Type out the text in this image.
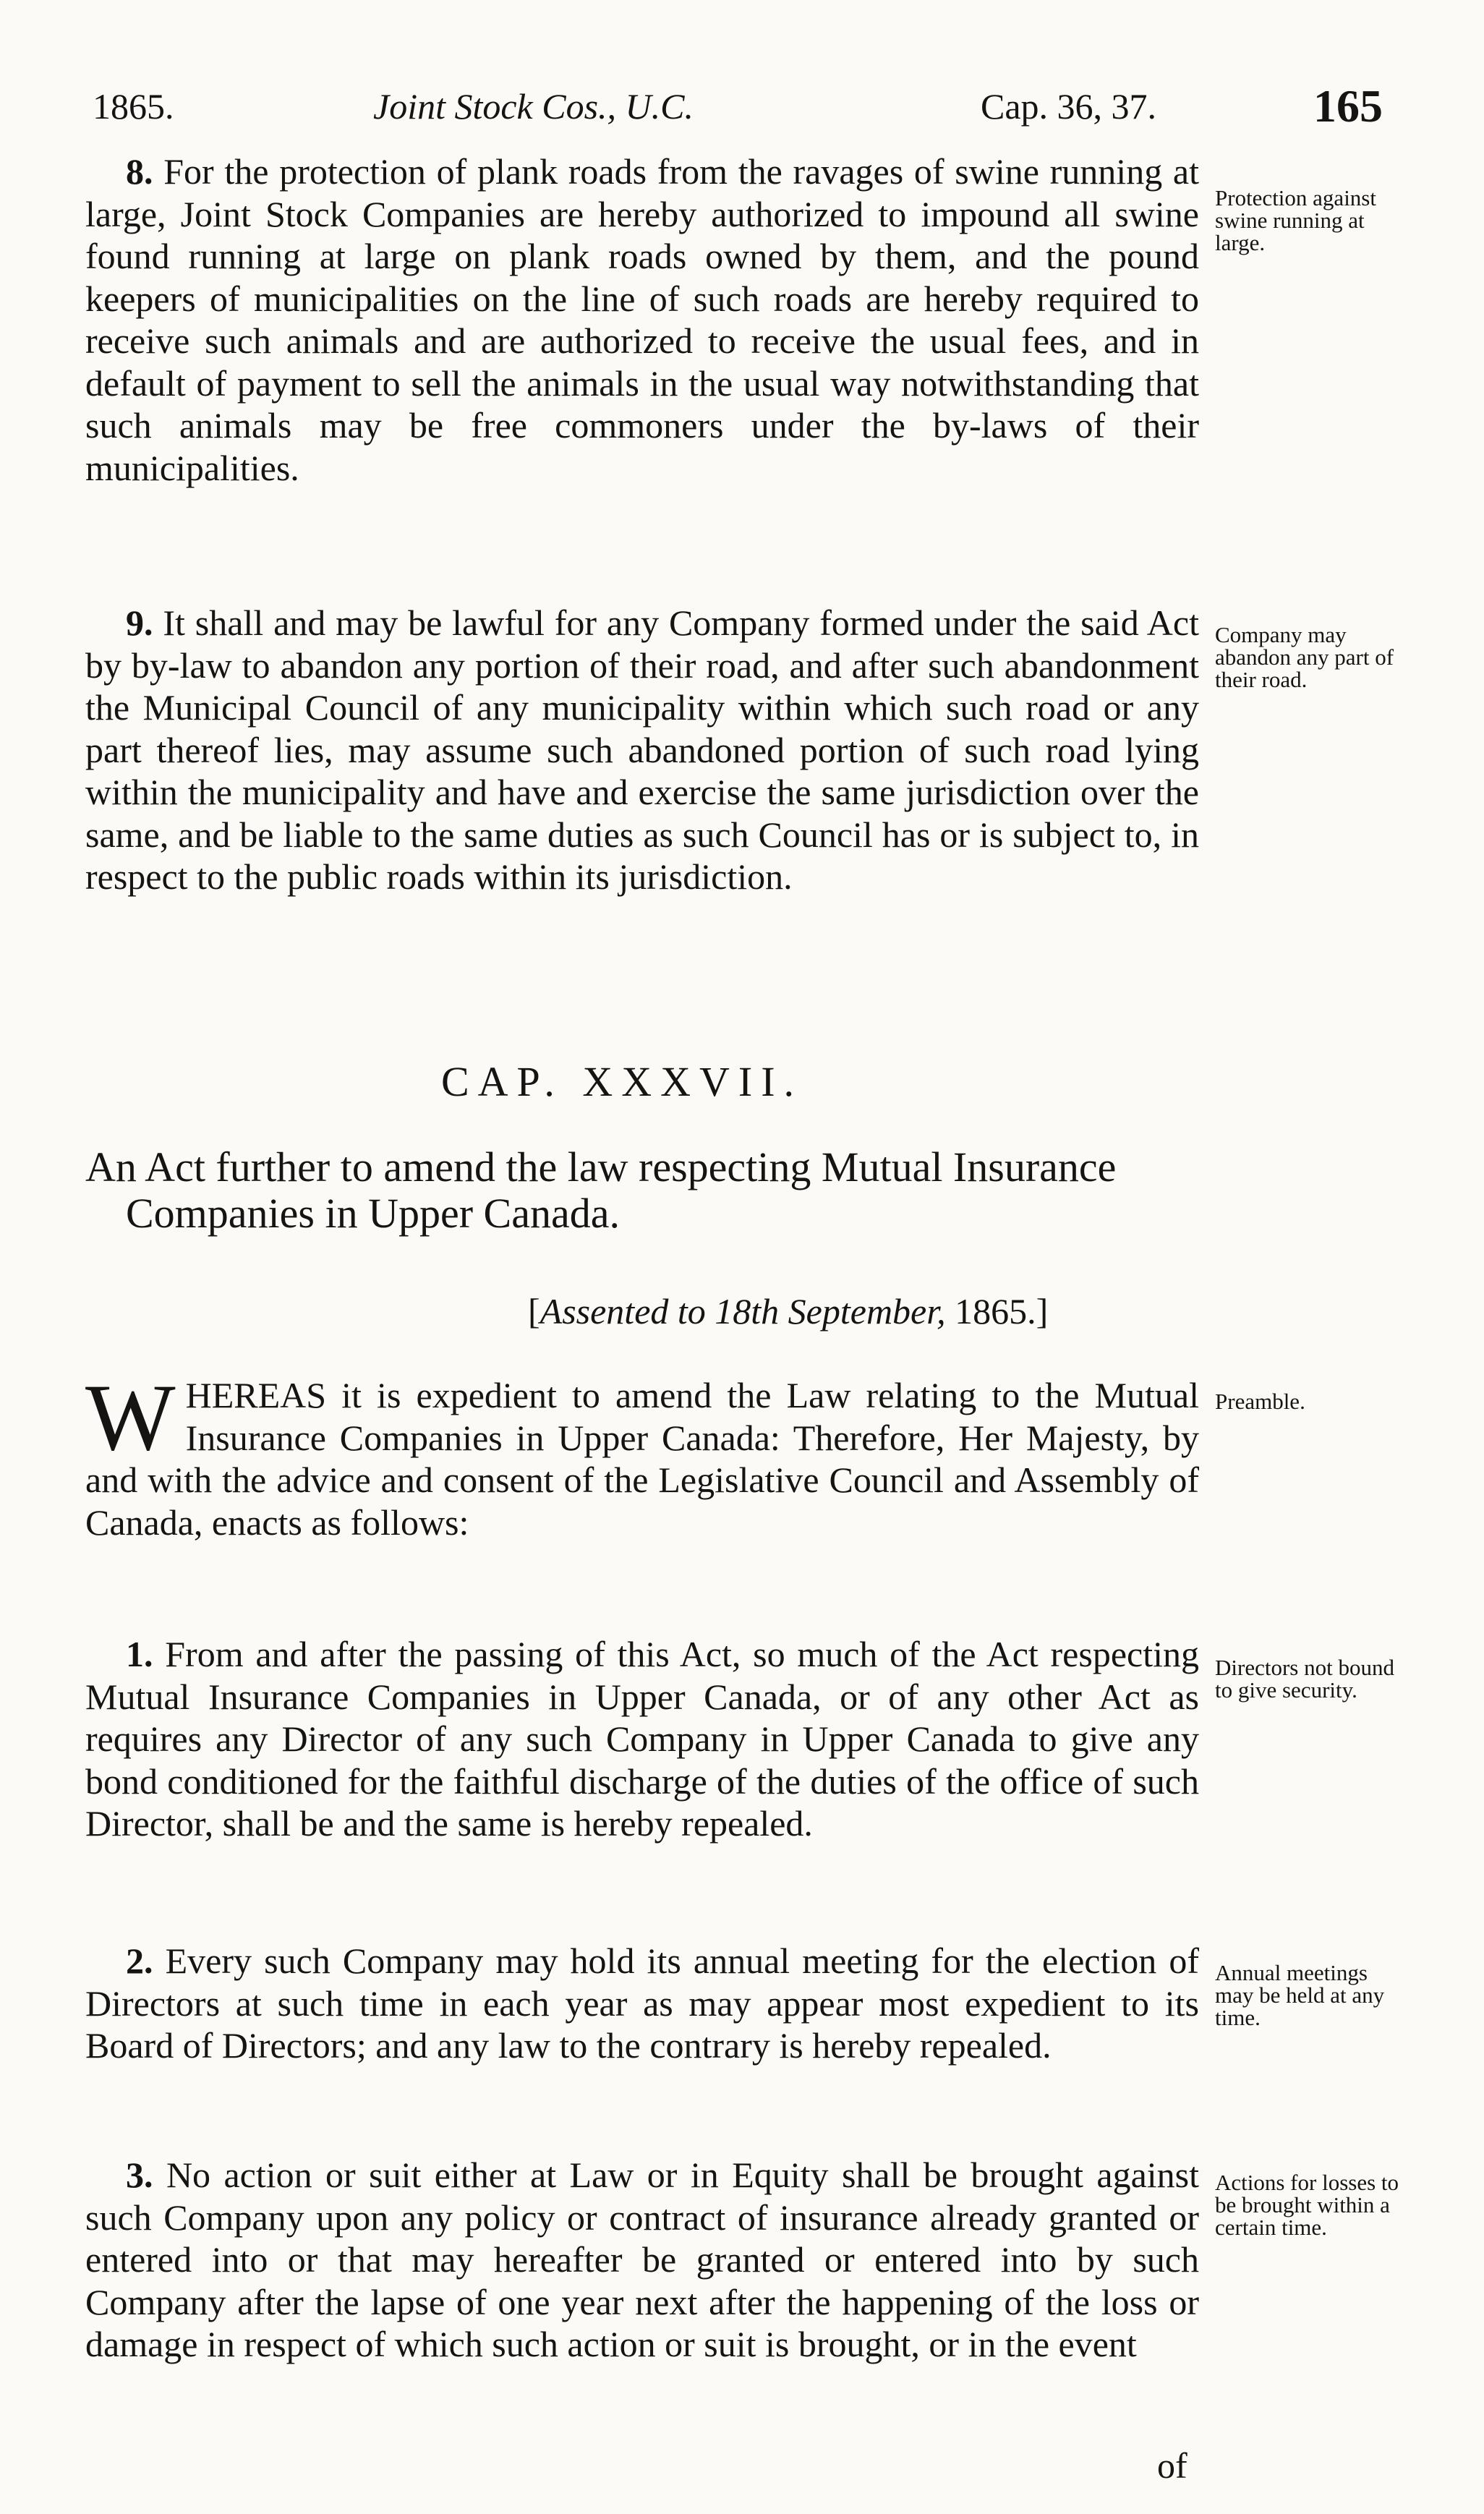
1865.	Joint Stock Cos., U.C.	Cap. 36, 37.	165

8. For the protection of plank roads from the ravages of swine running at large, Joint Stock Companies are hereby authorized to impound all swine found running at large on plank roads owned by them, and the pound keepers of municipalities on the line of such roads are hereby required to receive such animals and are authorized to receive the usual fees, and in default of payment to sell the animals in the usual way notwithstanding that such animals may be free commoners under the by-laws of their municipalities.

Protection against swine running at large.

9. It shall and may be lawful for any Company formed under the said Act by by-law to abandon any portion of their road, and after such abandonment the Municipal Council of any municipality within which such road or any part thereof lies, may assume such abandoned portion of such road lying within the municipality and have and exercise the same jurisdiction over the same, and be liable to the same duties as such Council has or is subject to, in respect to the public roads within its jurisdiction.

Company may abandon any part of their road.
CAP. XXXVII.
An Act further to amend the law respecting Mutual Insurance Companies in Upper Canada.
[Assented to 18th September, 1865.]
W HEREAS it is expedient to amend the Law relating to the Mutual Insurance Companies in Upper Canada: Therefore, Her Majesty, by and with the advice and consent of the Legislative Council and Assembly of Canada, enacts as follows:

Preamble.

1. From and after the passing of this Act, so much of the Act respecting Mutual Insurance Companies in Upper Canada, or of any other Act as requires any Director of any such Company in Upper Canada to give any bond conditioned for the faithful discharge of the duties of the office of such Director, shall be and the same is hereby repealed.

Directors not bound to give security.

2. Every such Company may hold its annual meeting for the election of Directors at such time in each year as may appear most expedient to its Board of Directors; and any law to the contrary is hereby repealed.

Annual meetings may be held at any time.

3. No action or suit either at Law or in Equity shall be brought against such Company upon any policy or contract of insurance already granted or entered into or that may hereafter be granted or entered into by such Company after the lapse of one year next after the happening of the loss or damage in respect of which such action or suit is brought, or in the event

Actions for losses to be brought within a certain time.
of
